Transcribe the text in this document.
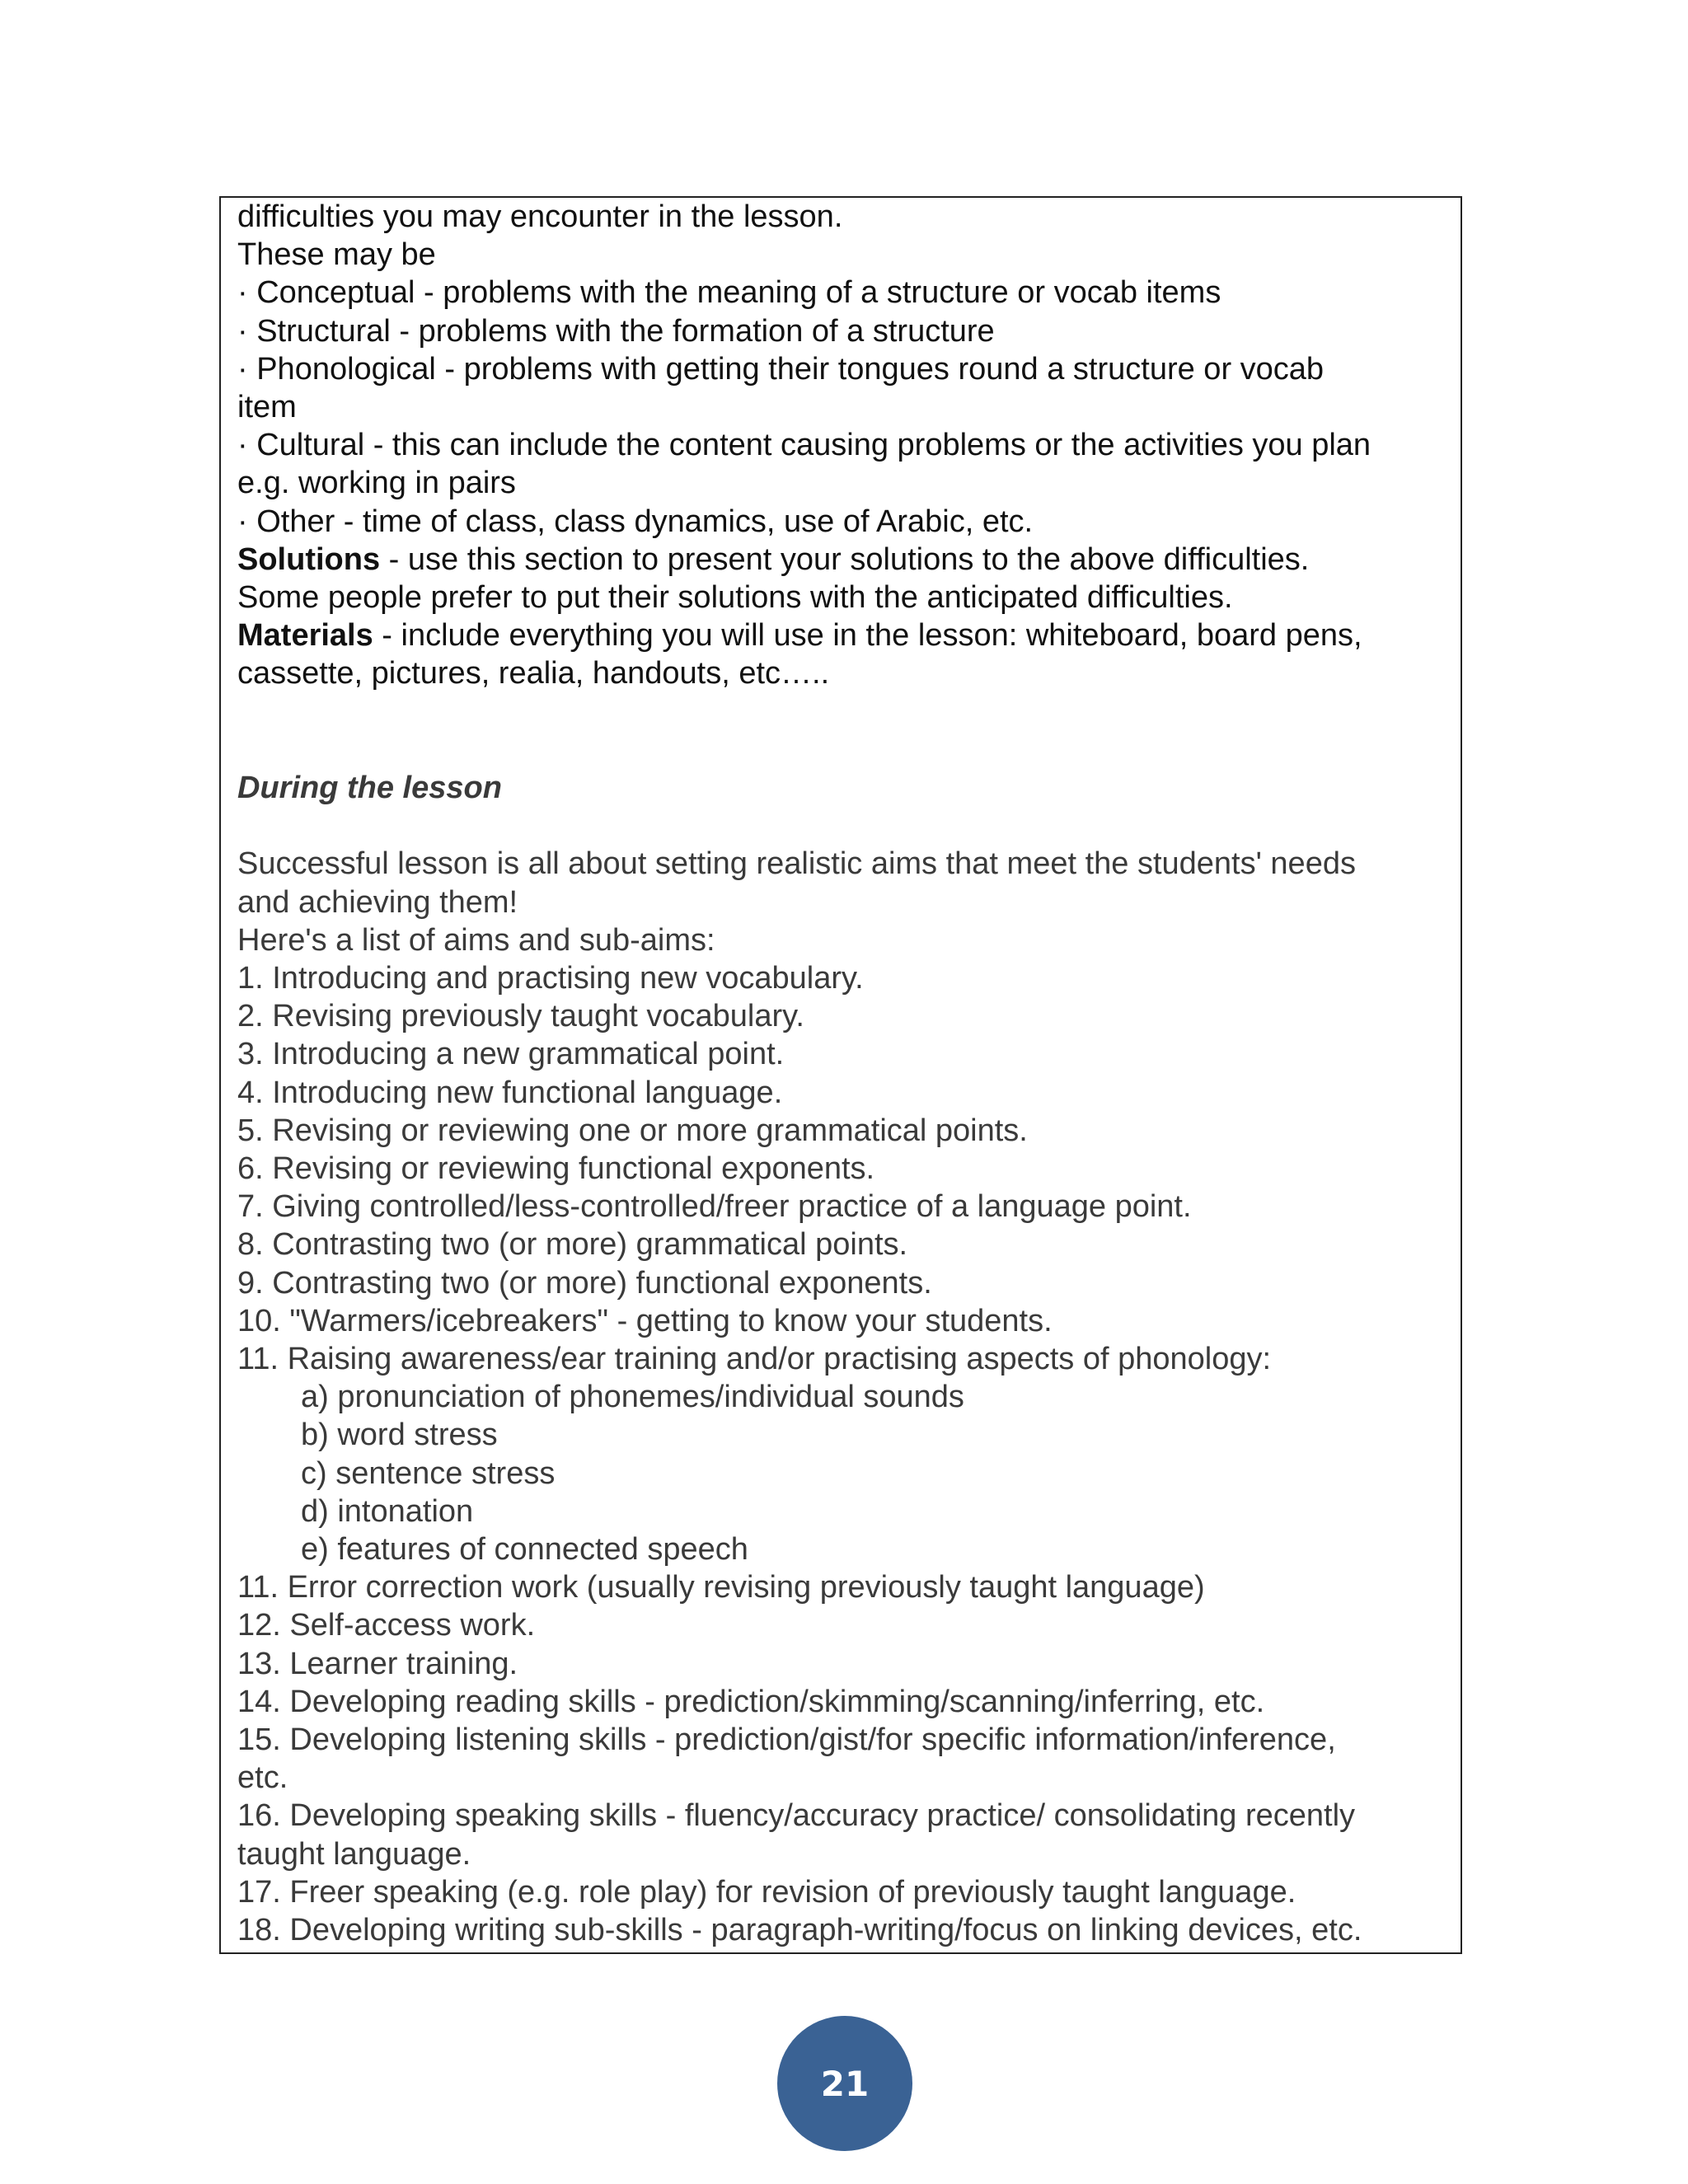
difficulties you may encounter in the lesson.
These may be
· Conceptual - problems with the meaning of a structure or vocab items
· Structural - problems with the formation of a structure
· Phonological - problems with getting their tongues round a structure or vocab
item
· Cultural - this can include the content causing problems or the activities you plan
e.g. working in pairs
· Other - time of class, class dynamics, use of Arabic, etc.
Solutions - use this section to present your solutions to the above difficulties.
Some people prefer to put their solutions with the anticipated difficulties.
Materials - include everything you will use in the lesson: whiteboard, board pens,
cassette, pictures, realia, handouts, etc…..
During the lesson
Successful lesson is all about setting realistic aims that meet the students' needs
and achieving them!
Here's a list of aims and sub-aims:
1. Introducing and practising new vocabulary.
2. Revising previously taught vocabulary.
3. Introducing a new grammatical point.
4. Introducing new functional language.
5. Revising or reviewing one or more grammatical points.
6. Revising or reviewing functional exponents.
7. Giving controlled/less-controlled/freer practice of a language point.
8. Contrasting two (or more) grammatical points.
9. Contrasting two (or more) functional exponents.
10. "Warmers/icebreakers" - getting to know your students.
11. Raising awareness/ear training and/or practising aspects of phonology:
a) pronunciation of phonemes/individual sounds
b) word stress
c) sentence stress
d) intonation
e) features of connected speech
11. Error correction work (usually revising previously taught language)
12. Self-access work.
13. Learner training.
14. Developing reading skills - prediction/skimming/scanning/inferring, etc.
15. Developing listening skills - prediction/gist/for specific information/inference,
etc.
16. Developing speaking skills - fluency/accuracy practice/ consolidating recently
taught language.
17. Freer speaking (e.g. role play) for revision of previously taught language.
18. Developing writing sub-skills - paragraph-writing/focus on linking devices, etc.
21
